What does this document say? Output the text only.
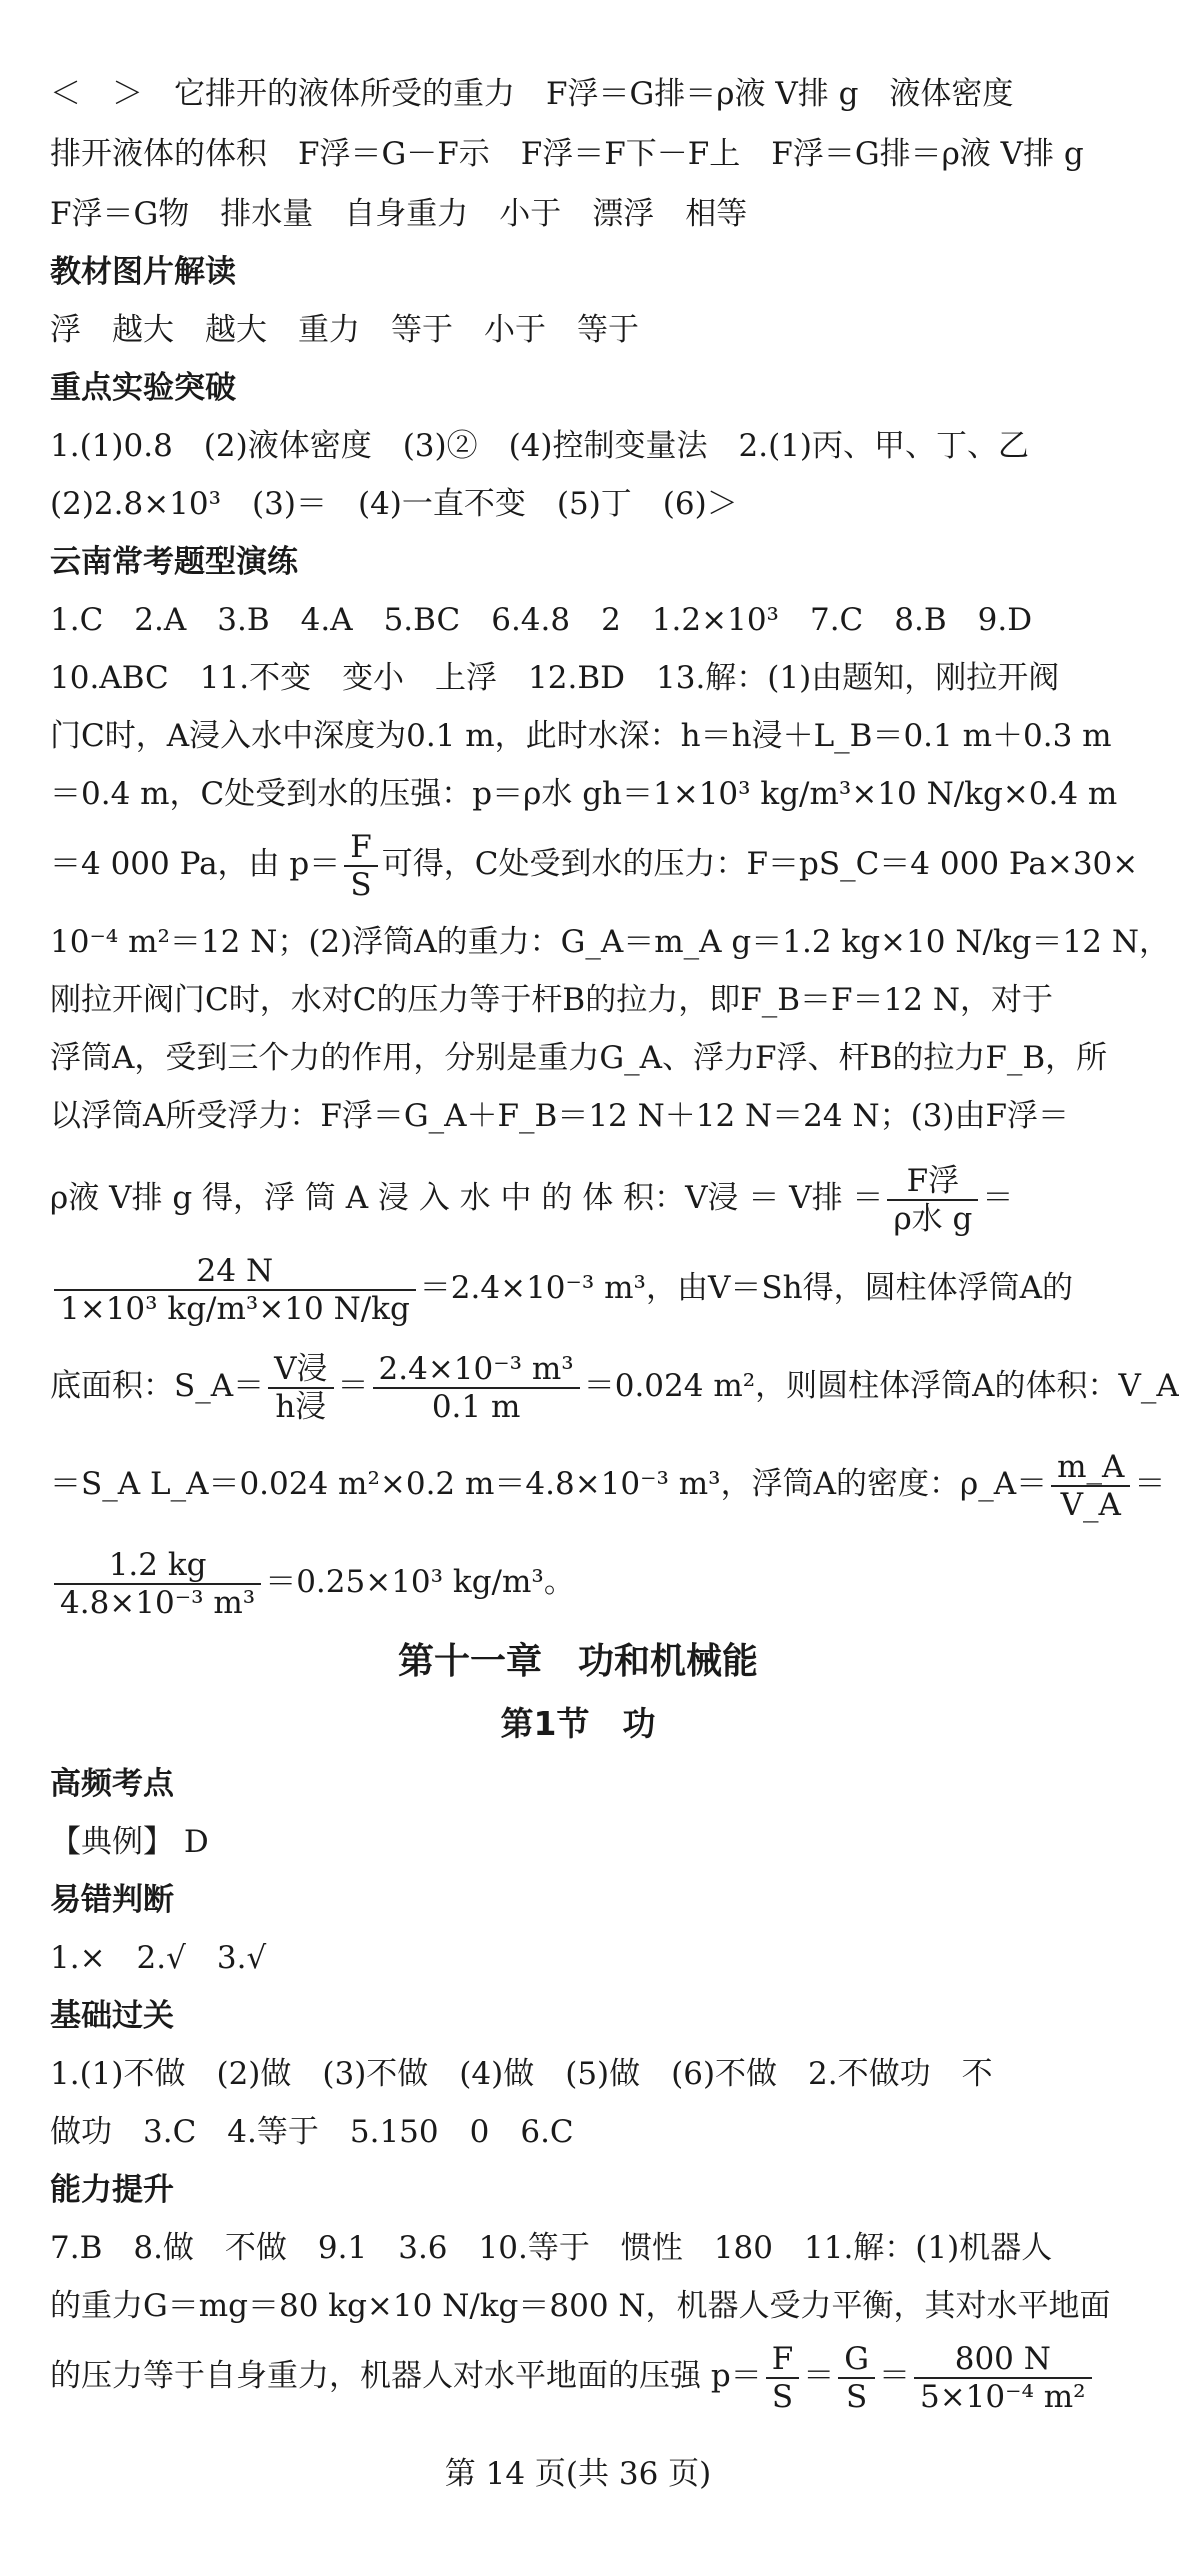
＜　＞　它排开的液体所受的重力　F浮＝G排＝ρ液 V排 g　液体密度
排开液体的体积　F浮＝G－F示　F浮＝F下－F上　F浮＝G排＝ρ液 V排 g
F浮＝G物　排水量　自身重力　小于　漂浮　相等
教材图片解读
浮　越大　越大　重力　等于　小于　等于
重点实验突破
1.(1)0.8　(2)液体密度　(3)②　(4)控制变量法　2.(1)丙、甲、丁、乙
(2)2.8×10³　(3)＝　(4)一直不变　(5)丁　(6)＞
云南常考题型演练
1.C　2.A　3.B　4.A　5.BC　6.4.8　2　1.2×10³　7.C　8.B　9.D
10.ABC　11.不变　变小　上浮　12.BD　13.解：(1)由题知，刚拉开阀
门C时，A浸入水中深度为0.1 m，此时水深：h＝h浸＋L_B＝0.1 m＋0.3 m
＝0.4 m，C处受到水的压强：p＝ρ水 gh＝1×10³ kg/m³×10 N/kg×0.4 m
＝4 000 Pa，由 $p= \frac{F}{S}$ 可得，C处受到水的压力：F＝pS_C＝4 000 Pa×30×
10⁻⁴ m²＝12 N；(2)浮筒A的重力：G_A＝m_A g＝1.2 kg×10 N/kg＝12 N，
刚拉开阀门C时，水对C的压力等于杆B的拉力，即F_B＝F＝12 N，对于
浮筒A，受到三个力的作用，分别是重力G_A、浮力F浮、杆B的拉力F_B，所
以浮筒A所受浮力：F浮＝G_A＋F_B＝12 N＋12 N＝24 N；(3)由F浮＝
ρ液 V排 g 得，浮 筒 A 浸 入 水 中 的 体 积：V浸 ＝ V排 ＝ $\frac{\text{F浮}}{\text{ρ水 g}}$ ＝
$\frac{24 N}{\text{1×10³ kg/m³×10 N/kg}} =2.4\times 10^{-3}$ m³，由V＝Sh得，圆柱体浮筒A的
底面积：S_A＝ $\frac{\text{V浸}}{\text{h浸}} = \frac{\text{2.4×10⁻³ m³}}{0.1 m} =0.024$ m²，则圆柱体浮筒A的体积：V_A
＝S_A L_A＝0.024 m²×0.2 m＝4.8×10⁻³ m³，浮筒A的密度：ρ_A＝ $\frac{m\_A}{V\_A}$ ＝
$\frac{1.2 kg}{\text{4.8×10⁻³ m³}} =0.25\times 10^3$ kg/m³。
第十一章　功和机械能
第1节　功
高频考点
【典例】 D
易错判断
1.×　2.√　3.√
基础过关
1.(1)不做　(2)做　(3)不做　(4)做　(5)做　(6)不做　2.不做功　不
做功　3.C　4.等于　5.150　0　6.C
能力提升
7.B　8.做　不做　9.1　3.6　10.等于　惯性　180　11.解：(1)机器人
的重力G＝mg＝80 kg×10 N/kg＝800 N，机器人受力平衡，其对水平地面
的压力等于自身重力，机器人对水平地面的压强 $p= \frac{F}{S} = \frac{G}{S} = \frac{800 N}{\text{5×10⁻⁴ m²}}$
第 14 页(共 36 页)
